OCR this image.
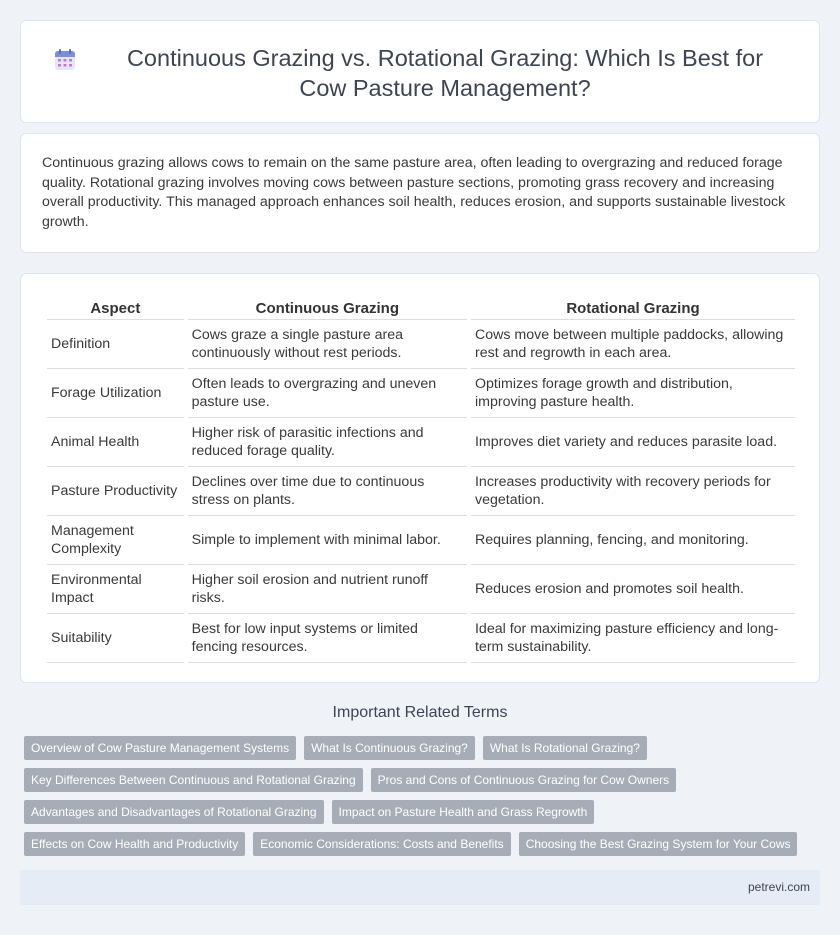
Continuous Grazing vs. Rotational Grazing: Which Is Best for Cow Pasture Management?

Continuous grazing allows cows to remain on the same pasture area, often leading to overgrazing and reduced forage quality. Rotational grazing involves moving cows between pasture sections, promoting grass recovery and increasing overall productivity. This managed approach enhances soil health, reduces erosion, and supports sustainable livestock growth.

Aspect	Continuous Grazing	Rotational Grazing
Definition	Cows graze a single pasture area continuously without rest periods.	Cows move between multiple paddocks, allowing rest and regrowth in each area.
Forage Utilization	Often leads to overgrazing and uneven pasture use.	Optimizes forage growth and distribution, improving pasture health.
Animal Health	Higher risk of parasitic infections and reduced forage quality.	Improves diet variety and reduces parasite load.
Pasture Productivity	Declines over time due to continuous stress on plants.	Increases productivity with recovery periods for vegetation.
Management Complexity	Simple to implement with minimal labor.	Requires planning, fencing, and monitoring.
Environmental Impact	Higher soil erosion and nutrient runoff risks.	Reduces erosion and promotes soil health.
Suitability	Best for low input systems or limited fencing resources.	Ideal for maximizing pasture efficiency and long-term sustainability.
Important Related Terms
Overview of Cow Pasture Management Systems	What Is Continuous Grazing?	What Is Rotational Grazing?
Key Differences Between Continuous and Rotational Grazing	Pros and Cons of Continuous Grazing for Cow Owners
Advantages and Disadvantages of Rotational Grazing	Impact on Pasture Health and Grass Regrowth
Effects on Cow Health and Productivity	Economic Considerations: Costs and Benefits	Choosing the Best Grazing System for Your Cows
petrevi.com
